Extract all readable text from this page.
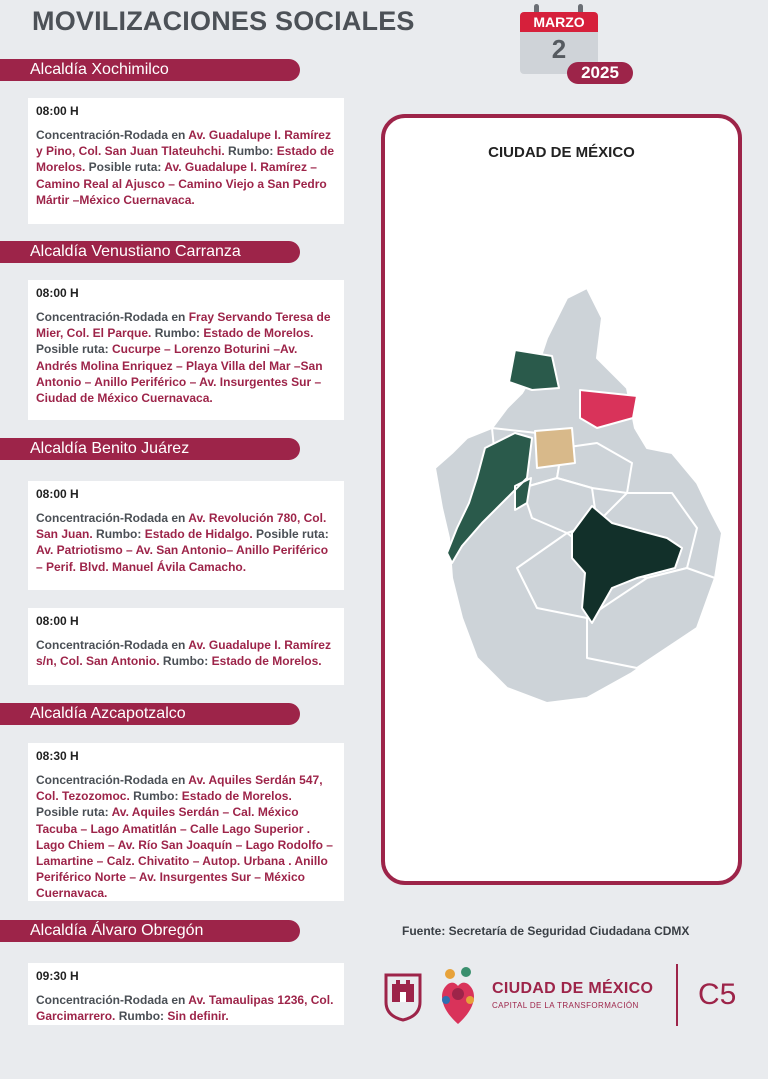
MOVILIZACIONES SOCIALES	MARZO
2
2025
Alcaldía Xochimilco
Alcaldía Venustiano Carranza
Alcaldía Benito Juárez
Alcaldía Azcapotzalco
Alcaldía Álvaro Obregón
08:00 H
Concentración-Rodada en Av. Guadalupe I. Ramírez y Pino, Col. San Juan Tlateuhchi. Rumbo: Estado de Morelos. Posible ruta: Av. Guadalupe I. Ramírez – Camino Real al Ajusco – Camino Viejo a San Pedro Mártir –México Cuernavaca.
08:00 H
Concentración-Rodada en Fray Servando Teresa de Mier, Col. El Parque. Rumbo: Estado de Morelos. Posible ruta: Cucurpe – Lorenzo Boturini –Av. Andrés Molina Enriquez – Playa Villa del Mar –San Antonio – Anillo Periférico – Av. Insurgentes Sur –Ciudad de México Cuernavaca.
08:00 H
Concentración-Rodada en Av. Revolución 780, Col. San Juan. Rumbo: Estado de Hidalgo. Posible ruta: Av. Patriotismo – Av. San Antonio– Anillo Periférico – Perif. Blvd. Manuel Ávila Camacho.
08:00 H
Concentración-Rodada en Av. Guadalupe I. Ramírez s/n, Col. San Antonio. Rumbo: Estado de Morelos.
08:30 H
Concentración-Rodada en Av. Aquiles Serdán 547, Col. Tezozomoc. Rumbo: Estado de Morelos. Posible ruta: Av. Aquiles Serdán – Cal. México Tacuba – Lago Amatitlán – Calle Lago Superior . Lago Chiem – Av. Río San Joaquín – Lago Rodolfo –Lamartine – Calz. Chivatito – Autop. Urbana . Anillo Periférico Norte – Av. Insurgentes Sur – México Cuernavaca.
09:30 H
Concentración-Rodada en Av. Tamaulipas 1236, Col. Garcimarrero. Rumbo: Sin definir.
CIUDAD DE MÉXICO
Fuente: Secretaría de Seguridad Ciudadana CDMX
CIUDAD DE MÉXICO
CAPITAL DE LA TRANSFORMACIÓN	C5
